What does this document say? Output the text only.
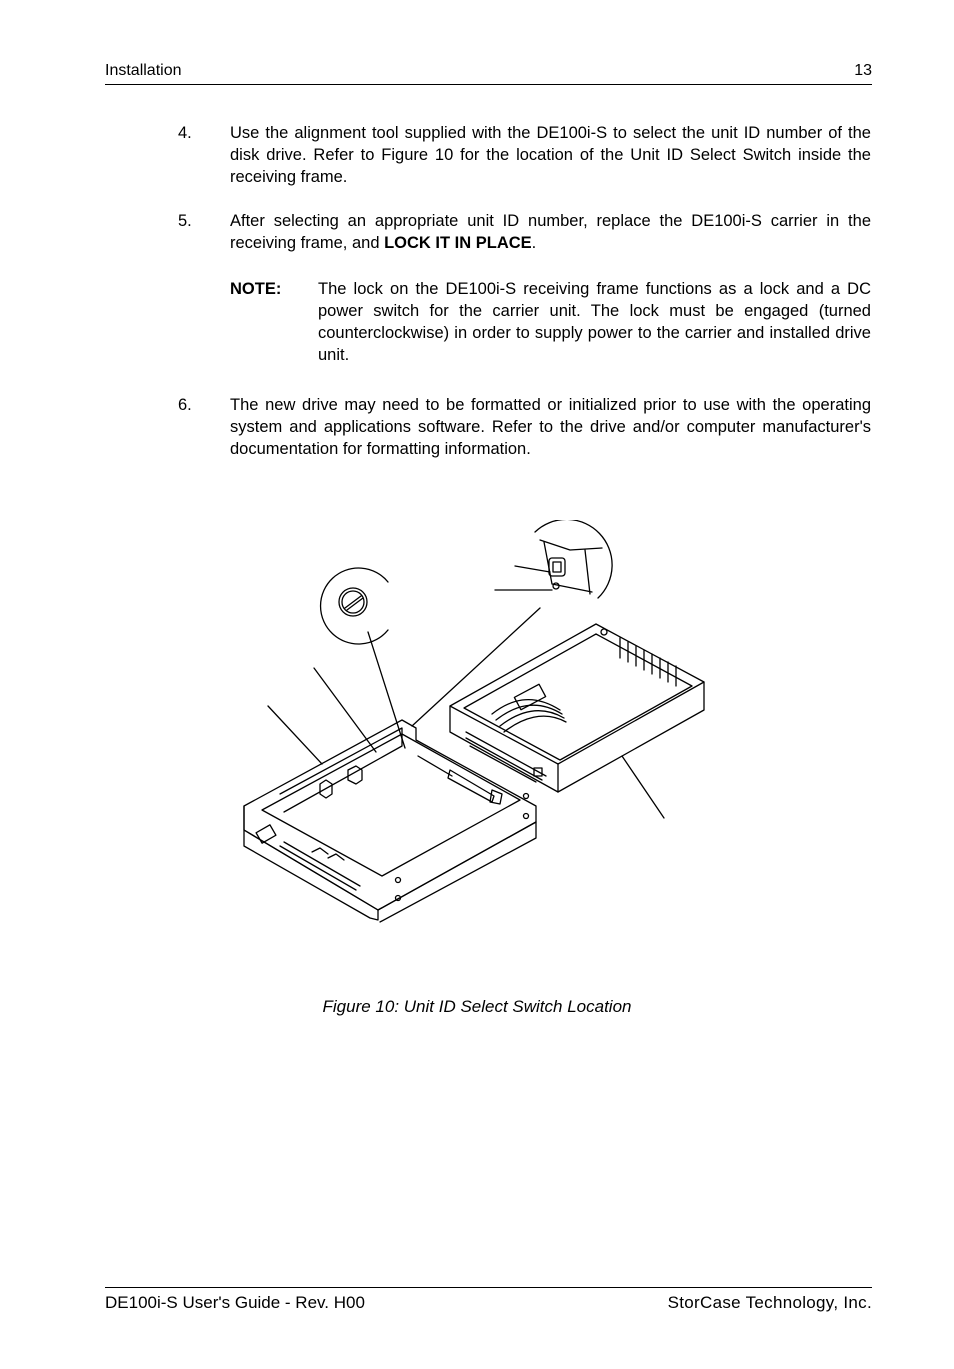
Installation	13
4.	Use the alignment tool supplied with the DE100i-S to select the unit ID number of the disk drive. Refer to Figure 10 for the location of the Unit ID Select Switch inside the receiving frame.
5.	After selecting an appropriate unit ID number, replace the DE100i-S carrier in the receiving frame, and LOCK IT IN PLACE.
NOTE: The lock on the DE100i-S receiving frame functions as a lock and a DC power switch for the carrier unit. The lock must be engaged (turned counterclockwise) in order to supply power to the carrier and installed drive unit.
6.	The new drive may need to be formatted or initialized prior to use with the operating system and applications software. Refer to the drive and/or computer manufacturer's documentation for formatting information.
Figure 10: Unit ID Select Switch Location
DE100i-S User's Guide - Rev. H00	StorCase Technology, Inc.
